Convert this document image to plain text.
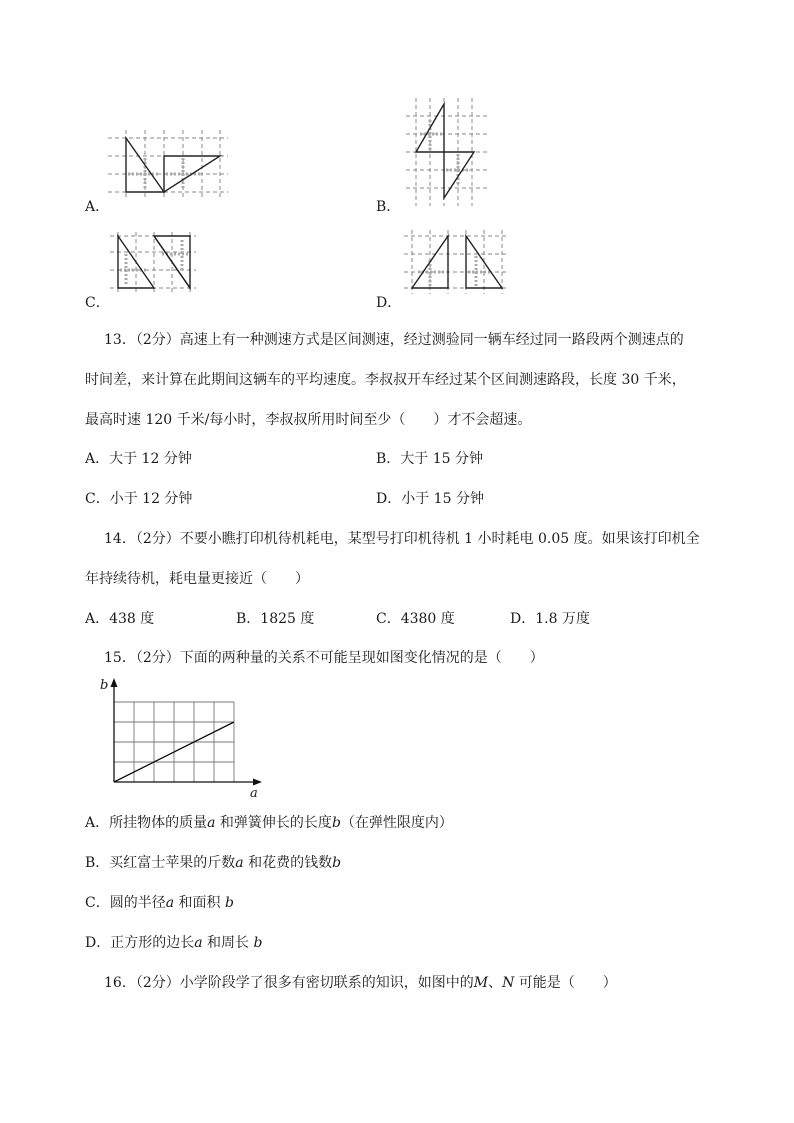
A．	B．
C．	D．
13．（2分）高速上有一种测速方式是区间测速，经过测验同一辆车经过同一路段两个测速点的
时间差，来计算在此期间这辆车的平均速度。李叔叔开车经过某个区间测速路段，长度 30 千米，
最高时速 120 千米/每小时，李叔叔所用时间至少（　　）才不会超速。
A．大于 12 分钟	B．大于 15 分钟
C．小于 12 分钟	D．小于 15 分钟
14．（2分）不要小瞧打印机待机耗电，某型号打印机待机 1 小时耗电 0.05 度。如果该打印机全
年持续待机，耗电量更接近（　　）
A．438 度	B．1825 度	C．4380 度	D．1.8 万度
15．（2分）下面的两种量的关系不可能呈现如图变化情况的是（　　）
b
a
A．所挂物体的质量a 和弹簧伸长的长度b（在弹性限度内）
B．买红富士苹果的斤数a 和花费的钱数b
C．圆的半径a 和面积 b
D．正方形的边长a 和周长 b
16．（2分）小学阶段学了很多有密切联系的知识，如图中的M、N 可能是（　　）
